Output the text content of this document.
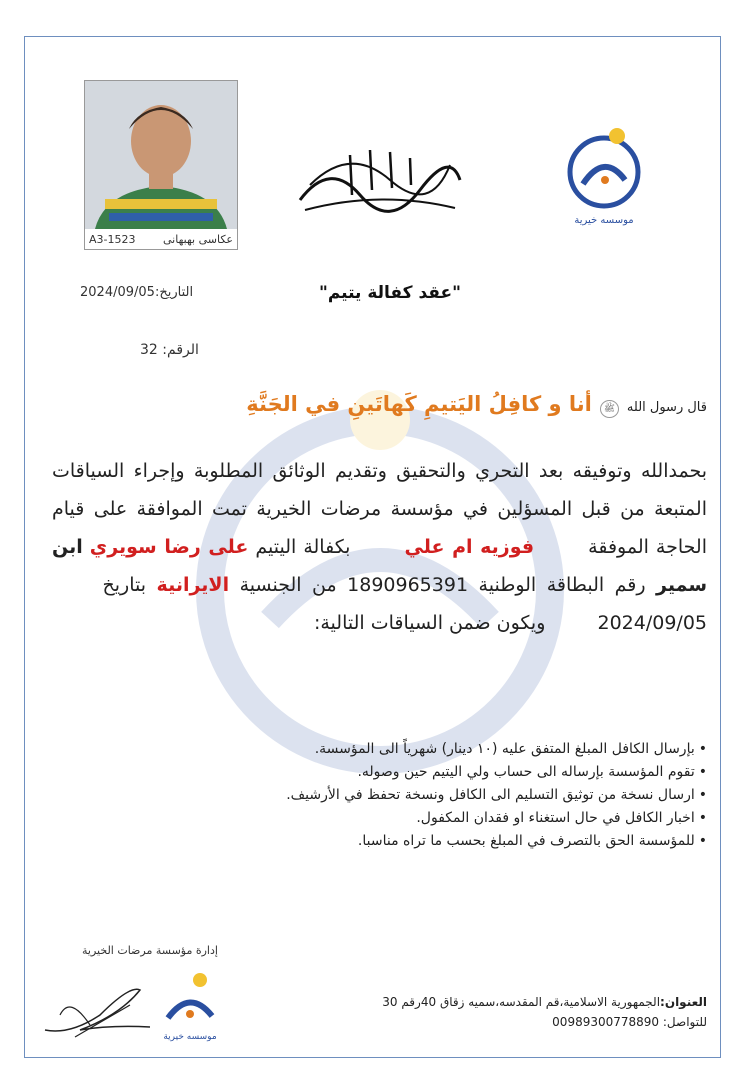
A3-1523	عکاسی بهبهانی
موسسه خيرية
"عقد كفالة يتيم"
التاريخ:2024/09/05
الرقم: 32
قال رسول الله ﷺ أنا و كافِلُ اليَتيمِ كَهاتَينِ في الجَنَّةِ
بحمدالله وتوفيقه بعد التحري والتحقيق وتقديم الوثائق المطلوبة وإجراء السياقات المتبعة من قبل المسؤلين في مؤسسة مرضات الخيرية تمت الموافقة على قيام الحاجة الموفقة  فوزيه ام علي  بكفالة اليتيم على رضا سويري ابن سمير رقم البطاقة الوطنية 1890965391 من الجنسية الايرانية بتاريخ  2024/09/05  ويكون ضمن السياقات التالية:
• بإرسال الكافل المبلغ المتفق عليه (١٠ دينار) شهرياً الى المؤسسة.
• تقوم المؤسسة بإرساله الى حساب ولي اليتيم حين وصوله.
• ارسال نسخة من توثيق التسليم الى الكافل ونسخة تحفظ في الأرشيف.
• اخبار الكافل في حال استغناء او فقدان المكفول.
• للمؤسسة الحق بالتصرف في المبلغ بحسب ما تراه مناسبا.
إدارة مؤسسة مرضات الخيرية
موسسه خيرية
العنوان:الجمهورية الاسلامية،قم المقدسه،سميه زقاق 40رقم 30
للتواصل: 00989300778890
